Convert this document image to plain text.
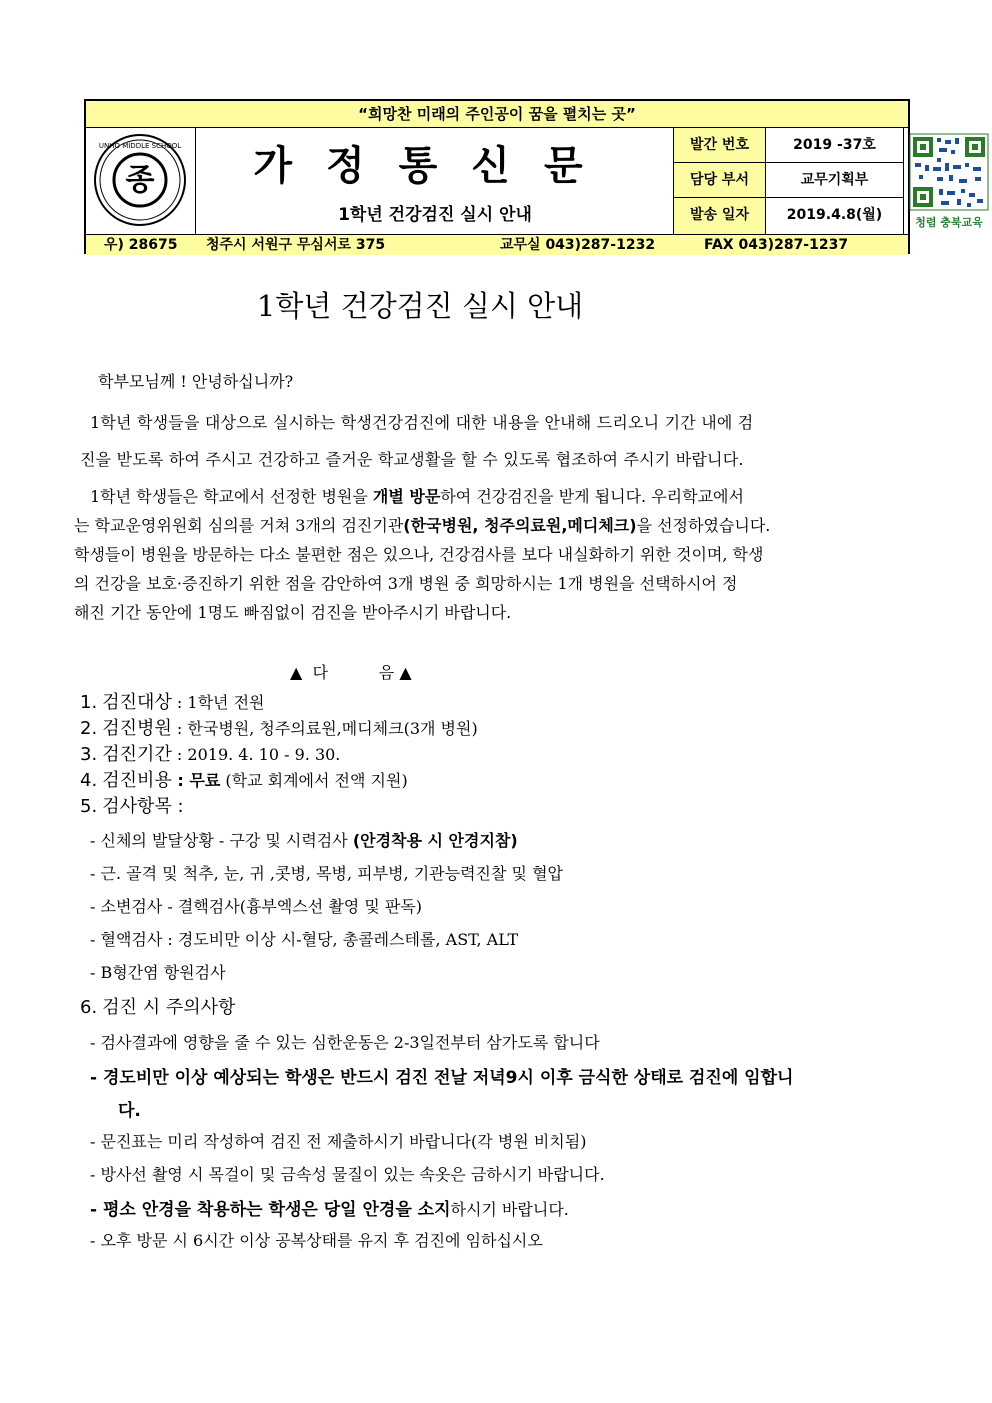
“희망찬 미래의 주인공이 꿈을 펼치는 곳”
종
UNHO MIDDLE SCHOOL	가정통신문
1학년 건강검진 실시 안내
발간 번호	2019 -37호
담당 부서	교무기획부
발송 일자	2019.4.8(월)	청렴 충북교육
우) 28675 청주시 서원구 무심서로 375	교무실 043)287-1232	FAX 043)287-1237
1학년 건강검진 실시 안내
학부모님께 ! 안녕하십니까?
1학년 학생들을 대상으로 실시하는 학생건강검진에 대한 내용을 안내해 드리오니 기간 내에 검
진을 받도록 하여 주시고 건강하고 즐거운 학교생활을 할 수 있도록 협조하여 주시기 바랍니다.
1학년 학생들은 학교에서 선정한 병원을 개별 방문하여 건강검진을 받게 됩니다. 우리학교에서
는 학교운영위원회 심의를 거쳐 3개의 검진기관(한국병원, 청주의료원,메디체크)을 선정하였습니다.
학생들이 병원을 방문하는 다소 불편한 점은 있으나, 건강검사를 보다 내실화하기 위한 것이며, 학생
의 건강을 보호·증진하기 위한 점을 감안하여 3개 병원 중 희망하시는 1개 병원을 선택하시어 정
해진 기간 동안에 1명도 빠짐없이 검진을 받아주시기 바랍니다.
▲  다          음 ▲
1. 검진대상 : 1학년 전원
2. 검진병원 : 한국병원, 청주의료원,메디체크(3개 병원)
3. 검진기간 : 2019. 4. 10 - 9. 30.
4. 검진비용 : 무료 (학교 회계에서 전액 지원)
5. 검사항목 :
- 신체의 발달상황 - 구강 및 시력검사 (안경착용 시 안경지참)
- 근. 골격 및 척추, 눈, 귀 ,콧병, 목병, 피부병, 기관능력진찰 및 혈압
- 소변검사 - 결핵검사(흉부엑스선 촬영 및 판독)
- 혈액검사 : 경도비만 이상 시-혈당, 총콜레스테롤, AST, ALT
- B형간염 항원검사
6. 검진 시 주의사항
- 검사결과에 영향을 줄 수 있는 심한운동은 2-3일전부터 삼가도록 합니다
- 경도비만 이상 예상되는 학생은 반드시 검진 전날 저녁9시 이후 금식한 상태로 검진에 임합니
다.
- 문진표는 미리 작성하여 검진 전 제출하시기 바랍니다(각 병원 비치됨)
- 방사선 촬영 시 목걸이 및 금속성 물질이 있는 속옷은 금하시기 바랍니다.
- 평소 안경을 착용하는 학생은 당일 안경을 소지하시기 바랍니다.
- 오후 방문 시 6시간 이상 공복상태를 유지 후 검진에 임하십시오
